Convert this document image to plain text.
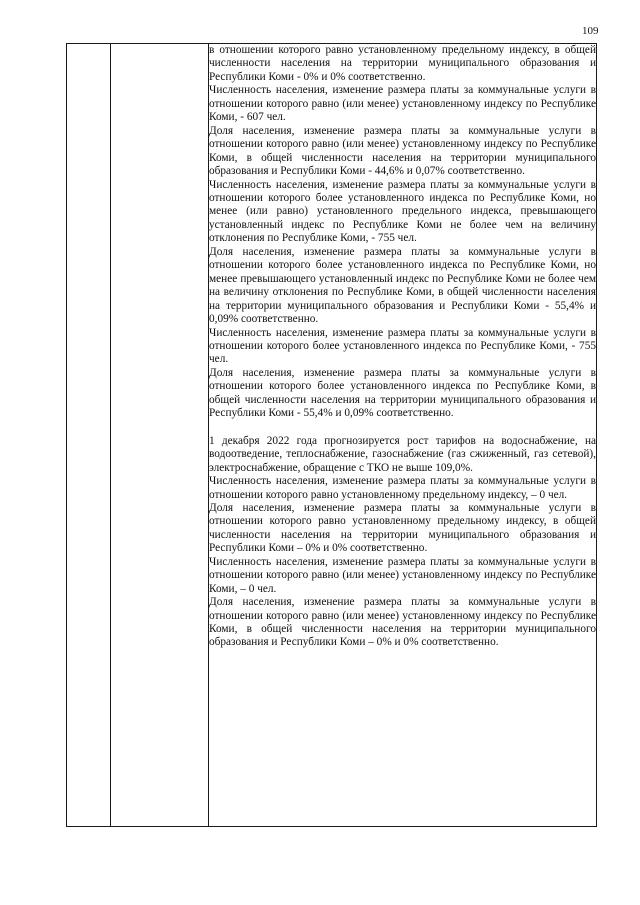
109

в отношении которого равно установленному предельному индексу, в общей численности населения на территории муниципального образования и Республики Коми - 0% и 0% соответственно.

Численность населения, изменение размера платы за коммунальные услуги в отношении которого равно (или менее) установленному индексу по Республике Коми, - 607 чел.

Доля населения, изменение размера платы за коммунальные услуги в отношении которого равно (или менее) установленному индексу по Республике Коми, в общей численности населения на территории муниципального образования и Республики Коми - 44,6% и 0,07% соответственно.

Численность населения, изменение размера платы за коммунальные услуги в отношении которого более установленного индекса по Республике Коми, но менее (или равно) установленного предельного индекса, превышающего установленный индекс по Республике Коми не более чем на величину отклонения по Республике Коми, - 755 чел.

Доля населения, изменение размера платы за коммунальные услуги в отношении которого более установленного индекса по Республике Коми, но менее превышающего установленный индекс по Республике Коми не более чем на величину отклонения по Республике Коми, в общей численности населения на территории муниципального образования и Республики Коми - 55,4% и 0,09% соответственно.

Численность населения, изменение размера платы за коммунальные услуги в отношении которого более установленного индекса по Республике Коми, - 755 чел.

Доля населения, изменение размера платы за коммунальные услуги в отношении которого более установленного индекса по Республике Коми, в общей численности населения на территории муниципального образования и Республики Коми - 55,4% и 0,09% соответственно.

1 декабря 2022 года прогнозируется рост тарифов на водоснабжение, на водоотведение, теплоснабжение, газоснабжение (газ сжиженный, газ сетевой), электроснабжение, обращение с ТКО не выше 109,0%.

Численность населения, изменение размера платы за коммунальные услуги в отношении которого равно установленному предельному индексу, – 0 чел.

Доля населения, изменение размера платы за коммунальные услуги в отношении которого равно установленному предельному индексу, в общей численности населения на территории муниципального образования и Республики Коми – 0% и 0% соответственно.

Численность населения, изменение размера платы за коммунальные услуги в отношении которого равно (или менее) установленному индексу по Республике Коми, – 0 чел.

Доля населения, изменение размера платы за коммунальные услуги в отношении которого равно (или менее) установленному индексу по Республике Коми, в общей численности населения на территории муниципального образования и Республики Коми – 0% и 0% соответственно.
